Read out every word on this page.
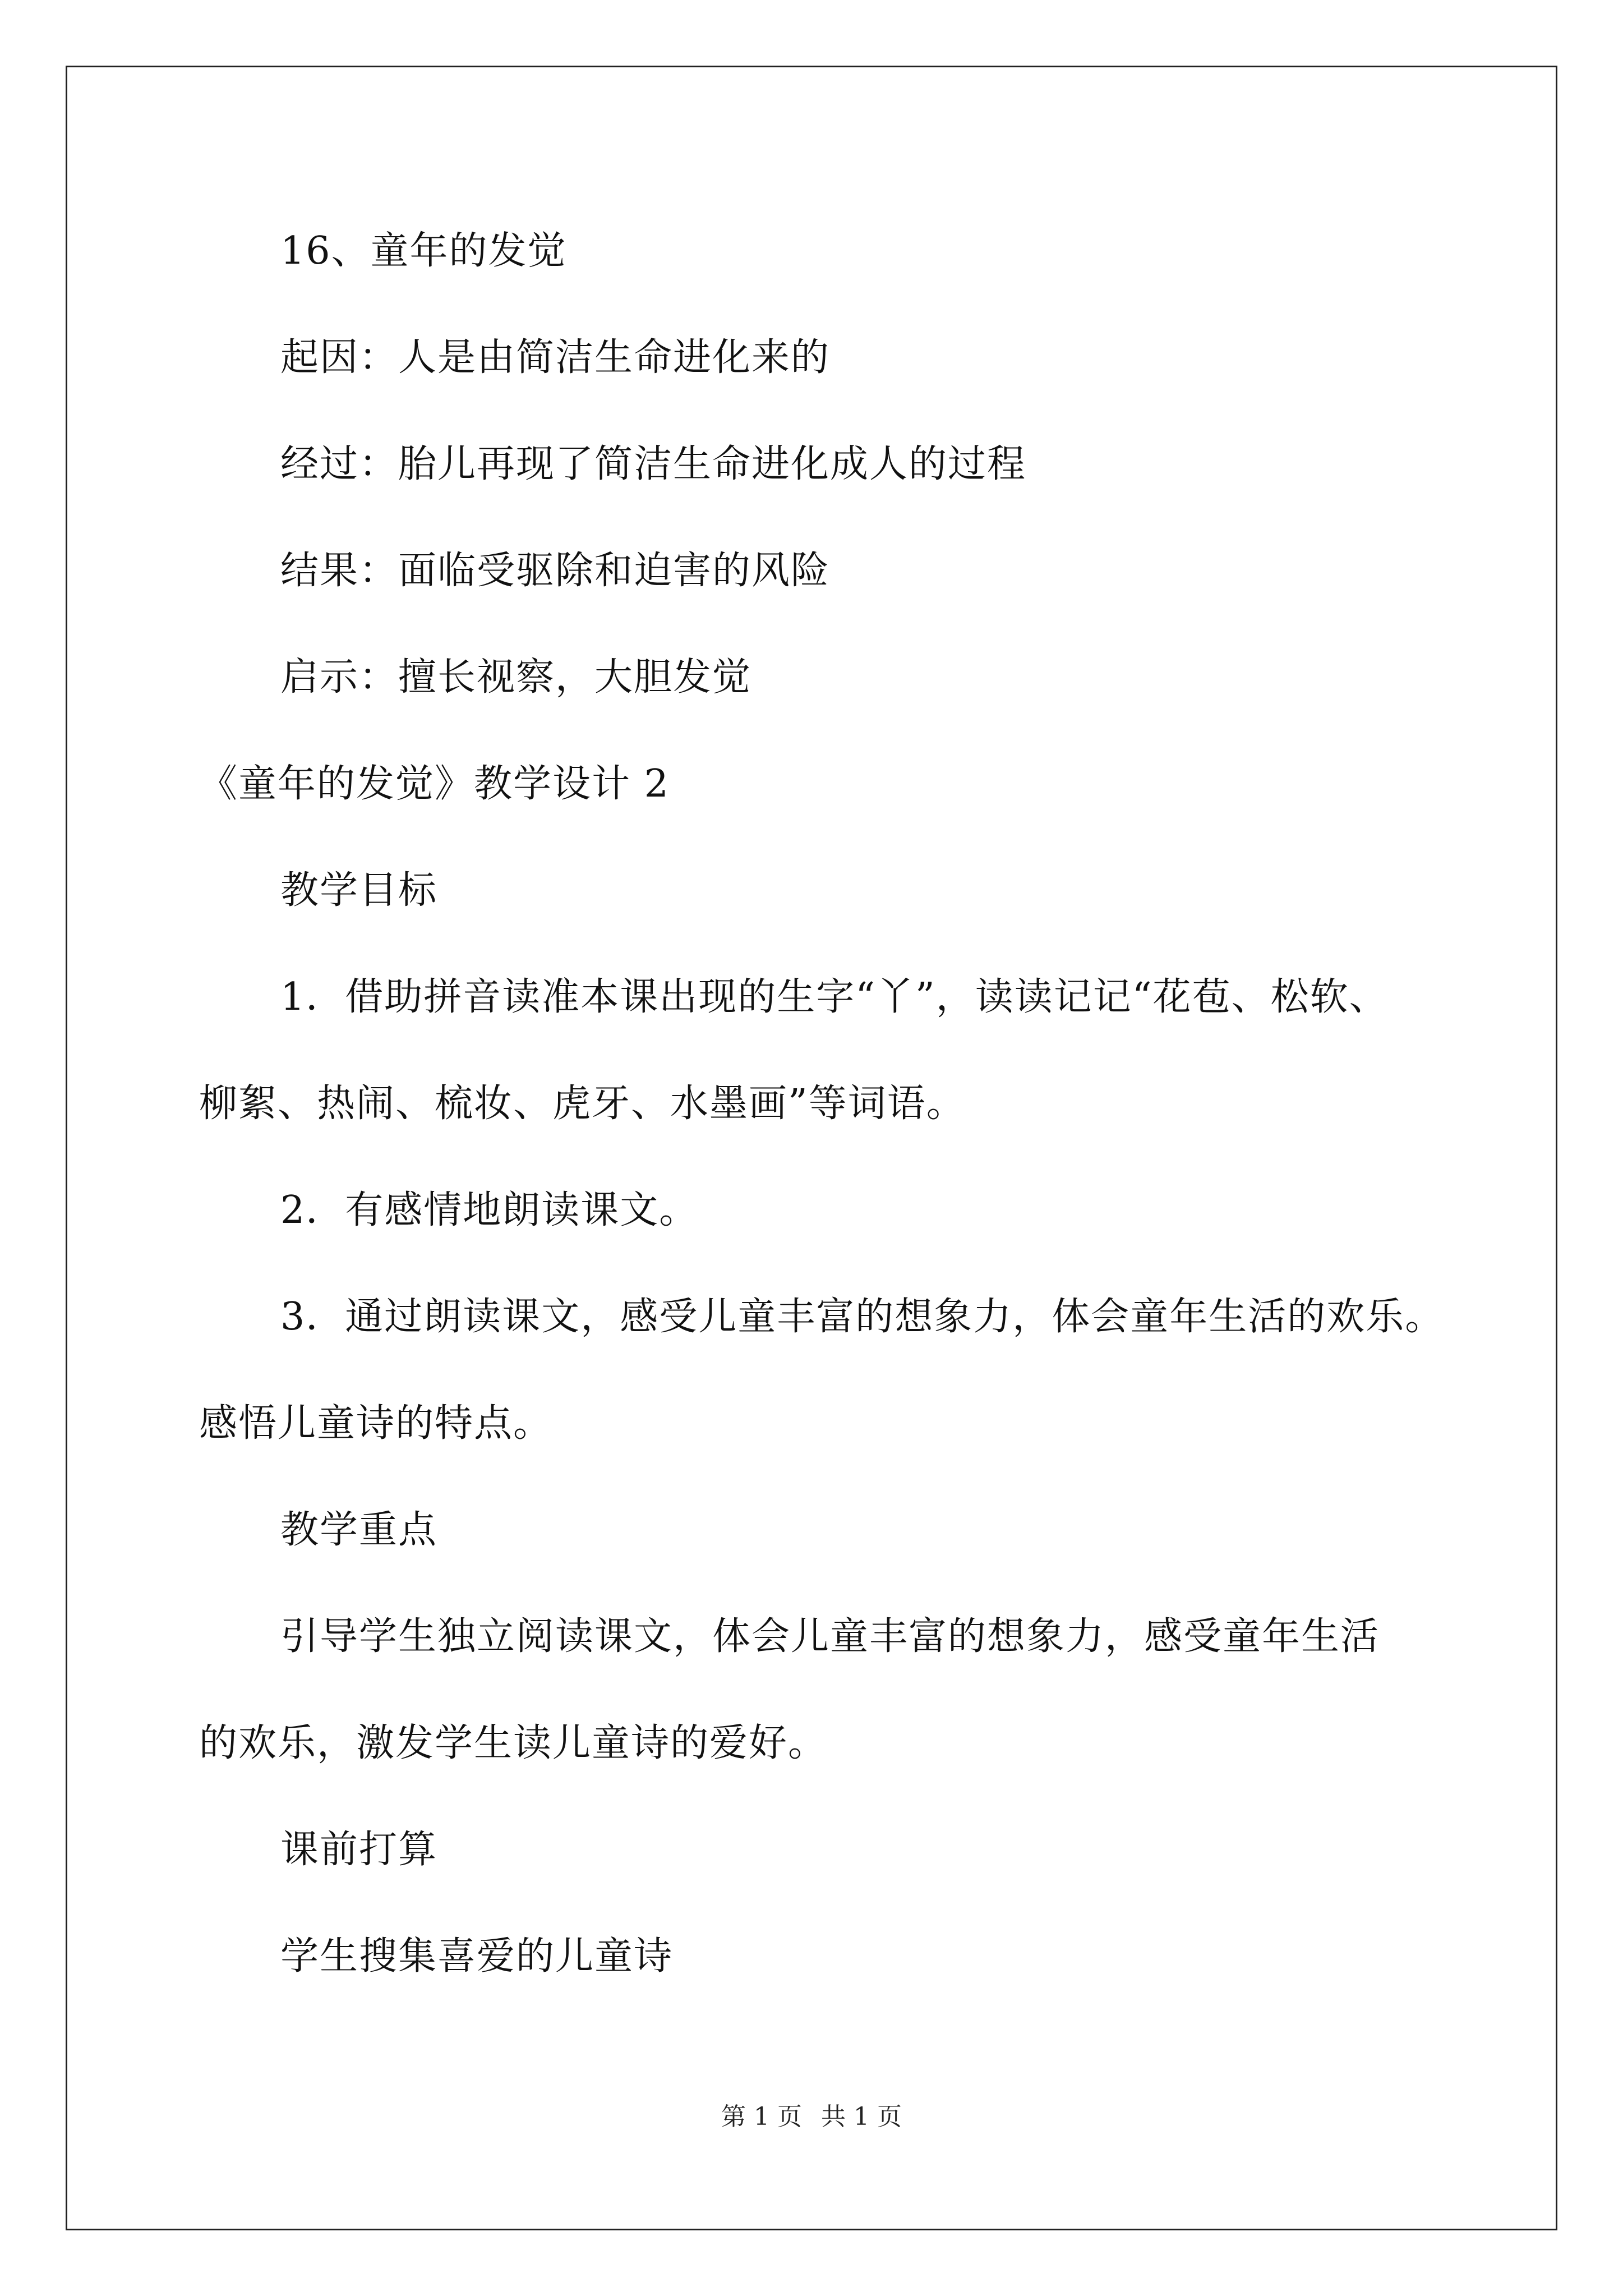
16、童年的发觉
起因：人是由简洁生命进化来的
经过：胎儿再现了简洁生命进化成人的过程
结果：面临受驱除和迫害的风险
启示：擅长视察，大胆发觉
《童年的发觉》教学设计 2
教学目标
1．借助拼音读准本课出现的生字“丫”，读读记记“花苞、松软、
柳絮、热闹、梳妆、虎牙、水墨画”等词语。
2．有感情地朗读课文。
3．通过朗读课文，感受儿童丰富的想象力，体会童年生活的欢乐。
感悟儿童诗的特点。
教学重点
引导学生独立阅读课文，体会儿童丰富的想象力，感受童年生活
的欢乐，激发学生读儿童诗的爱好。
课前打算
学生搜集喜爱的儿童诗
第 1 页 共 1 页
